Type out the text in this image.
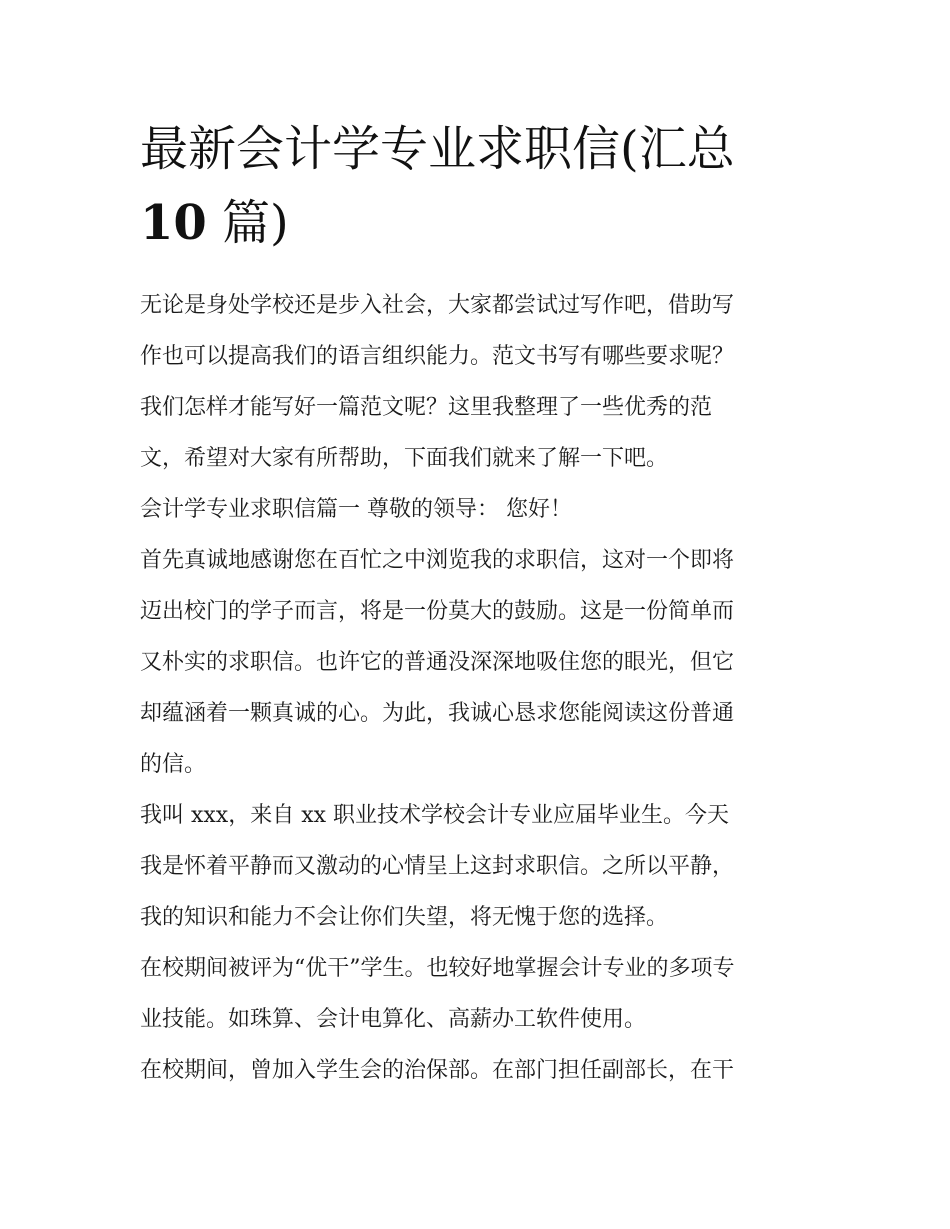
最新会计学专业求职信(汇总
10 篇)
无论是身处学校还是步入社会，大家都尝试过写作吧，借助写
作也可以提高我们的语言组织能力。范文书写有哪些要求呢？
我们怎样才能写好一篇范文呢？这里我整理了一些优秀的范
文，希望对大家有所帮助，下面我们就来了解一下吧。
会计学专业求职信篇一 尊敬的领导： 您好！
首先真诚地感谢您在百忙之中浏览我的求职信，这对一个即将
迈出校门的学子而言，将是一份莫大的鼓励。这是一份简单而
又朴实的求职信。也许它的普通没深深地吸住您的眼光，但它
却蕴涵着一颗真诚的心。为此，我诚心恳求您能阅读这份普通
的信。
我叫 xxx，来自 xx 职业技术学校会计专业应届毕业生。今天
我是怀着平静而又激动的心情呈上这封求职信。之所以平静，
我的知识和能力不会让你们失望，将无愧于您的选择。
在校期间被评为“优干”学生。也较好地掌握会计专业的多项专
业技能。如珠算、会计电算化、高薪办工软件使用。
在校期间，曾加入学生会的治保部。在部门担任副部长，在干
